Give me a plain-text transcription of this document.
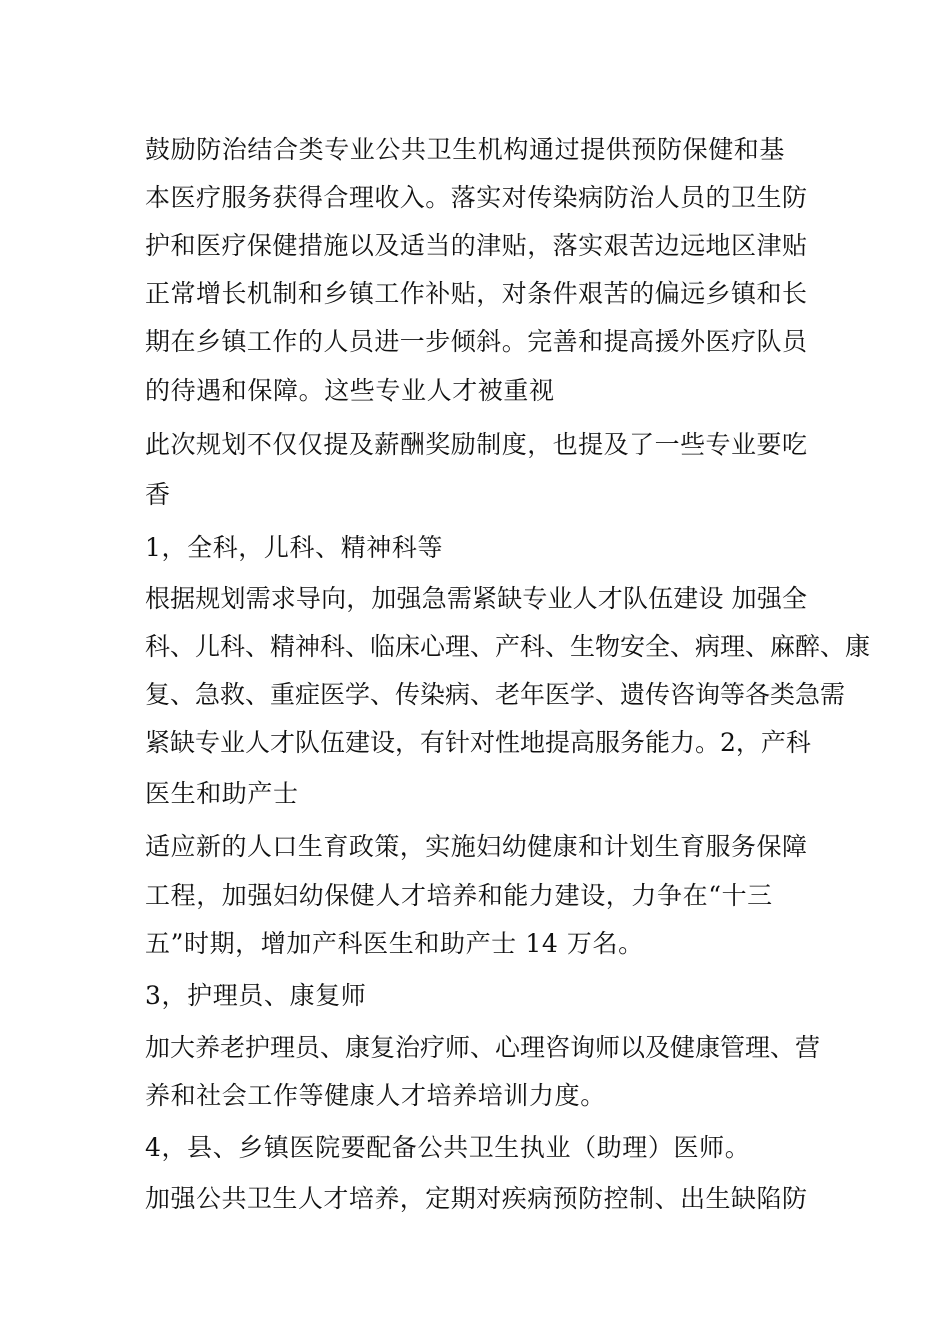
鼓励防治结合类专业公共卫生机构通过提供预防保健和基
本医疗服务获得合理收入。落实对传染病防治人员的卫生防
护和医疗保健措施以及适当的津贴，落实艰苦边远地区津贴
正常增长机制和乡镇工作补贴，对条件艰苦的偏远乡镇和长
期在乡镇工作的人员进一步倾斜。完善和提高援外医疗队员
的待遇和保障。这些专业人才被重视
此次规划不仅仅提及薪酬奖励制度，也提及了一些专业要吃
香
1，全科，儿科、精神科等
根据规划需求导向，加强急需紧缺专业人才队伍建设 加强全
科、儿科、精神科、临床心理、产科、生物安全、病理、麻醉、康
复、急救、重症医学、传染病、老年医学、遗传咨询等各类急需
紧缺专业人才队伍建设，有针对性地提高服务能力。2，产科
医生和助产士
适应新的人口生育政策，实施妇幼健康和计划生育服务保障
工程，加强妇幼保健人才培养和能力建设，力争在“十三
五”时期，增加产科医生和助产士 14 万名。
3，护理员、康复师
加大养老护理员、康复治疗师、心理咨询师以及健康管理、营
养和社会工作等健康人才培养培训力度。
4，县、乡镇医院要配备公共卫生执业（助理）医师。
加强公共卫生人才培养，定期对疾病预防控制、出生缺陷防
